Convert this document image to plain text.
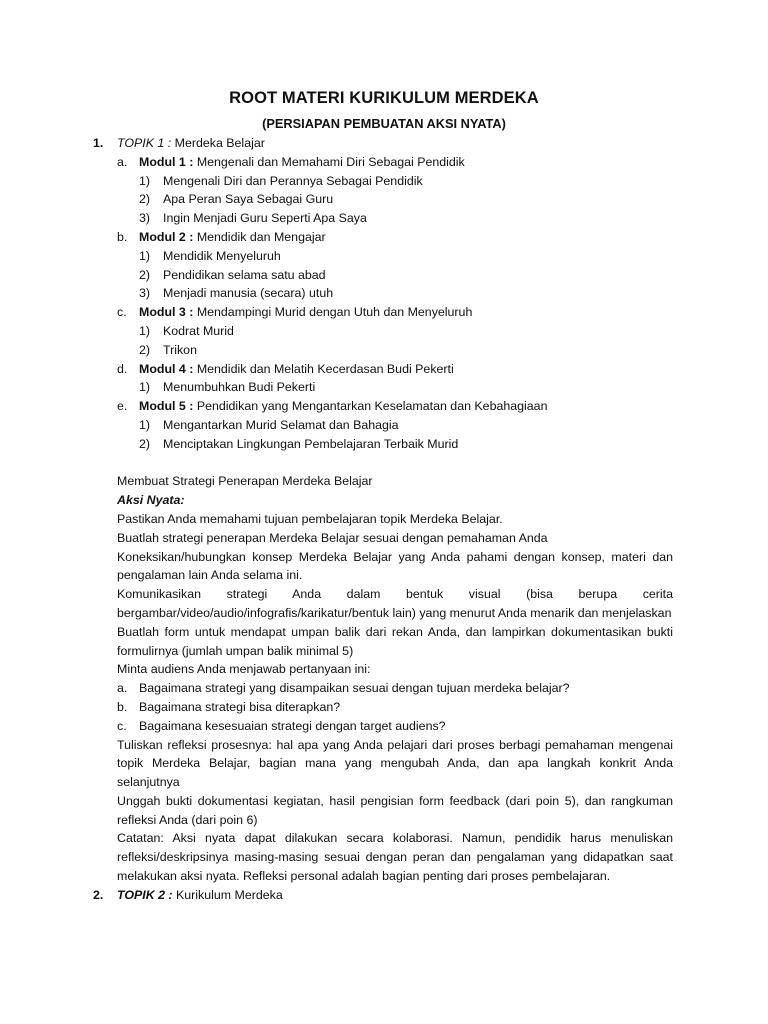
ROOT MATERI KURIKULUM MERDEKA
(PERSIAPAN PEMBUATAN AKSI NYATA)
1. TOPIK 1 : Merdeka Belajar
a. Modul 1 : Mengenali dan Memahami Diri Sebagai Pendidik
1) Mengenali Diri dan Perannya Sebagai Pendidik
2) Apa Peran Saya Sebagai Guru
3) Ingin Menjadi Guru Seperti Apa Saya
b. Modul 2 : Mendidik dan Mengajar
1) Mendidik Menyeluruh
2) Pendidikan selama satu abad
3) Menjadi manusia (secara) utuh
c. Modul 3 : Mendampingi Murid dengan Utuh dan Menyeluruh
1) Kodrat Murid
2) Trikon
d. Modul 4 : Mendidik dan Melatih Kecerdasan Budi Pekerti
1) Menumbuhkan Budi Pekerti
e. Modul 5 : Pendidikan yang Mengantarkan Keselamatan dan Kebahagiaan
1) Mengantarkan Murid Selamat dan Bahagia
2) Menciptakan Lingkungan Pembelajaran Terbaik Murid
Membuat Strategi Penerapan Merdeka Belajar
Aksi Nyata:
Pastikan Anda memahami tujuan pembelajaran topik Merdeka Belajar.
Buatlah strategi penerapan Merdeka Belajar sesuai dengan pemahaman Anda
Koneksikan/hubungkan konsep Merdeka Belajar yang Anda pahami dengan konsep, materi dan pengalaman lain Anda selama ini.
Komunikasikan strategi Anda dalam bentuk visual (bisa berupa cerita bergambar/video/audio/infografis/karikatur/bentuk lain) yang menurut Anda menarik dan menjelaskan
Buatlah form untuk mendapat umpan balik dari rekan Anda, dan lampirkan dokumentasikan bukti formulirnya (jumlah umpan balik minimal 5)
Minta audiens Anda menjawab pertanyaan ini:
a. Bagaimana strategi yang disampaikan sesuai dengan tujuan merdeka belajar?
b. Bagaimana strategi bisa diterapkan?
c. Bagaimana kesesuaian strategi dengan target audiens?
Tuliskan refleksi prosesnya: hal apa yang Anda pelajari dari proses berbagi pemahaman mengenai topik Merdeka Belajar, bagian mana yang mengubah Anda, dan apa langkah konkrit Anda selanjutnya
Unggah bukti dokumentasi kegiatan, hasil pengisian form feedback (dari poin 5), dan rangkuman refleksi Anda (dari poin 6)
Catatan: Aksi nyata dapat dilakukan secara kolaborasi. Namun, pendidik harus menuliskan refleksi/deskripsinya masing-masing sesuai dengan peran dan pengalaman yang didapatkan saat melakukan aksi nyata. Refleksi personal adalah bagian penting dari proses pembelajaran.
2. TOPIK 2 : Kurikulum Merdeka
